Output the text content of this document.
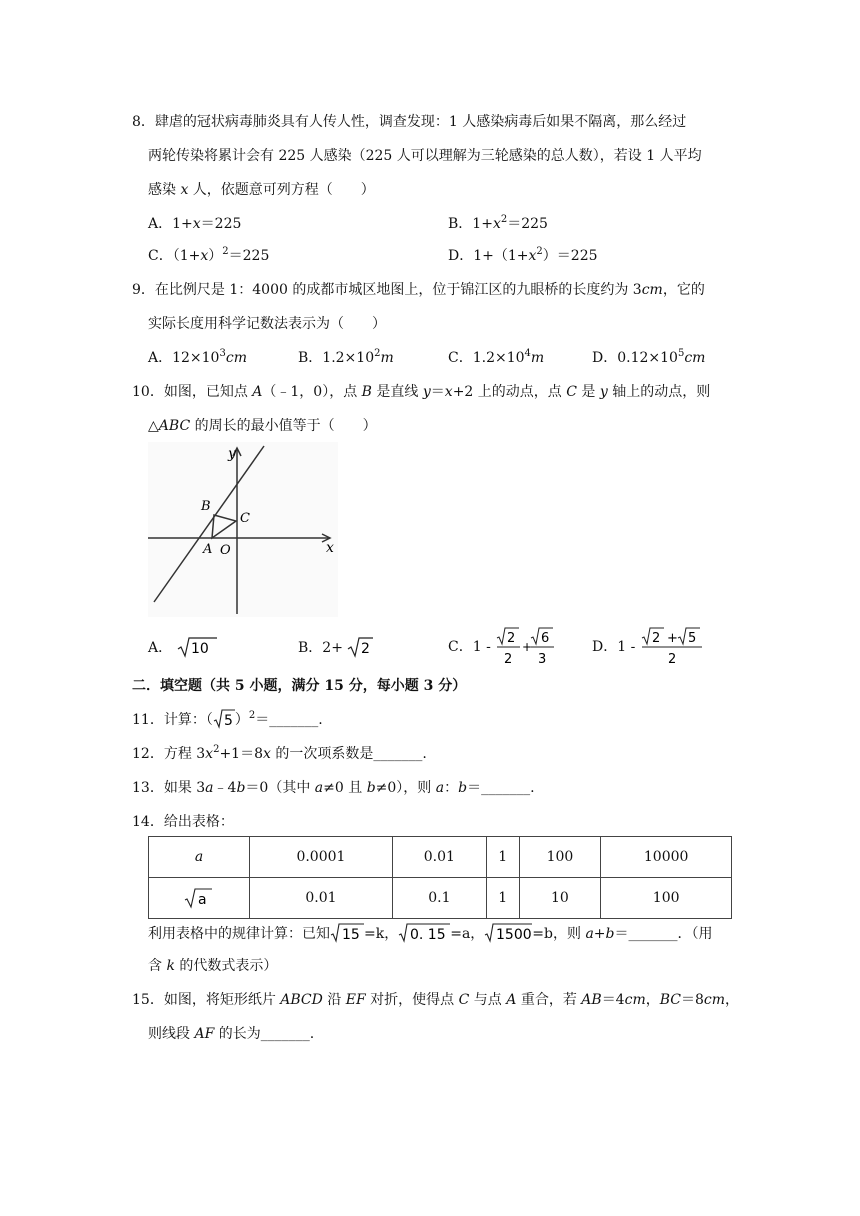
8．肆虐的冠状病毒肺炎具有人传人性，调查发现：1 人感染病毒后如果不隔离，那么经过
两轮传染将累计会有 225 人感染（225 人可以理解为三轮感染的总人数），若设 1 人平均
感染 x 人，依题意可列方程（　　）
A．1+x＝225	B．$1+x^2=225$
C．$(1+x)^2=225$	D．$1+(1+x^2)=225$
9．在比例尺是 1：4000 的成都市城区地图上，位于锦江区的九眼桥的长度约为 3cm，它的
实际长度用科学记数法表示为（　　）
A．$12\times 10^3cm$	B．$1.2\times 10^2m$	C．$1.2\times 10^4m$	D．$0.12\times 10^5cm$
10．如图，已知点 A（﹣1，0），点 B 是直线 y＝x+2 上的动点，点 C 是 y 轴上的动点，则
△ABC 的周长的最小值等于（　　）
y
x
B
C
A O
A． 10	B．2+ 2	C．1 -
2
2
+
6
3
D．1 -
2 + 5
2
二．填空题（共 5 小题，满分 15 分，每小题 3 分）
11．计算：（ 5 ）$^2$＝_______.
12．方程 $3x^2+1=8x$ 的一次项系数是_______.
13．如果 3a﹣4b＝0（其中 a≠0 且 b≠0），则 a：b＝_______.
14．给出表格：
a	0.0001	0.01	1	100	10000

a	0.01	0.1	1	10	100
利用表格中的规律计算：已知 15 =k， 0. 15 =a， 1500 =b，则 a+b＝_______．（用
含 k 的代数式表示）
15．如图，将矩形纸片 ABCD 沿 EF 对折，使得点 C 与点 A 重合，若 AB＝4cm，BC＝8cm，
则线段 AF 的长为_______.
